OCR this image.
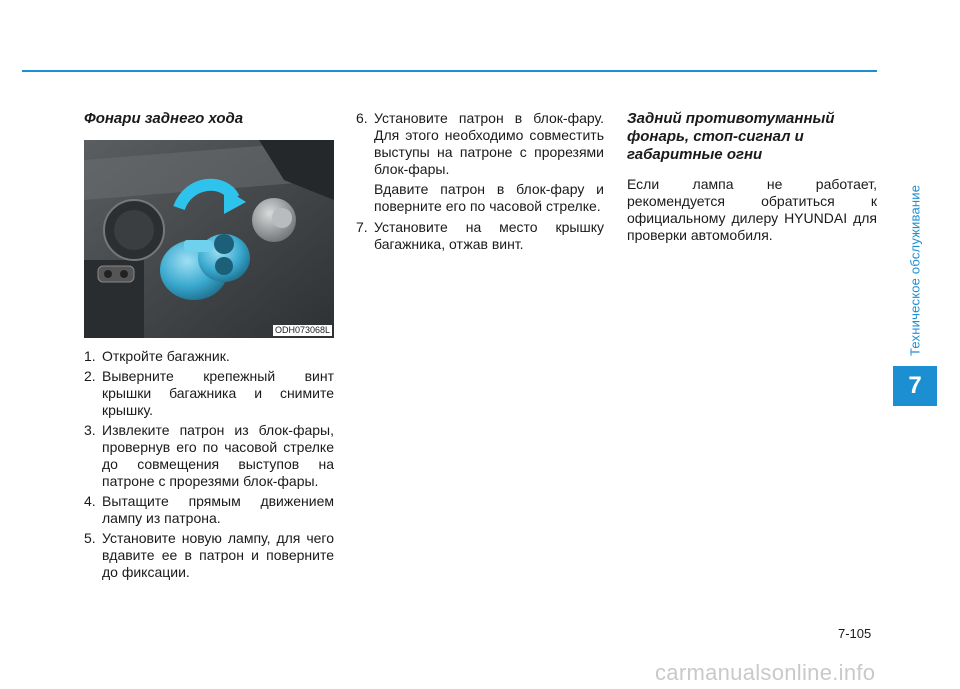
Техническое обслуживание
7
Фонари заднего хода
ODH073068L
1. Откройте багажник.
2. Выверните крепежный винт крышки багажника и снимите крышку.
3. Извлеките патрон из блок-фары, провернув его по часовой стрелке до совмещения выступов на патроне с прорезями блок-фары.
4. Вытащите прямым движением лампу из патрона.
5. Установите новую лампу, для чего вдавите ее в патрон и поверните до фиксации.
6. Установите патрон в блок-фару. Для этого необходимо совместить выступы на патроне с прорезями блок-фары.

Вдавите патрон в блок-фару и поверните его по часовой стрелке.

7. Установите на место крышку багажника, отжав винт.
Задний противотуманный фонарь, стоп-сигнал и габаритные огни

Если лампа не работает, рекомендуется обратиться к официальному дилеру HYUNDAI для проверки автомобиля.

7-105
carmanualsonline.info
